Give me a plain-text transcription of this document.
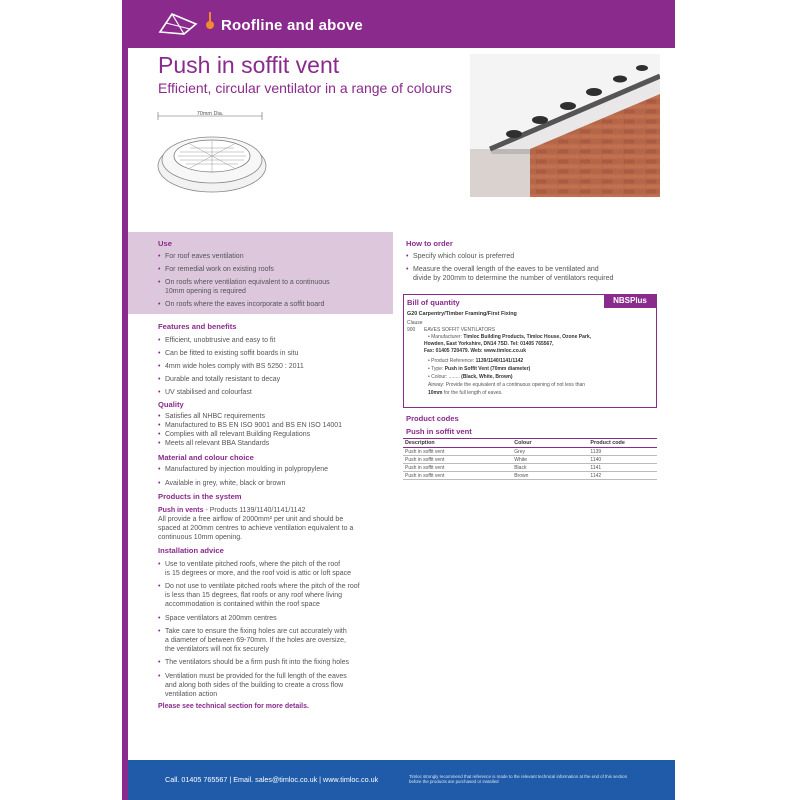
Roofline and above
Push in soffit vent
Efficient, circular ventilator in a range of colours
70mm Dia.
Use
• For roof eaves ventilation
• For remedial work on existing roofs
• On roofs where ventilation equivalent to a continuous
10mm opening is required
• On roofs where the eaves incorporate a soffit board
Features and benefits
• Efficient, unobtrusive and easy to fit
• Can be fitted to existing soffit boards in situ
• 4mm wide holes comply with BS 5250 : 2011
• Durable and totally resistant to decay
• UV stabilised and colourfast
Quality
• Satisfies all NHBC requirements
• Manufactured to BS EN ISO 9001 and BS EN ISO 14001
• Complies with all relevant Building Regulations
• Meets all relevant BBA Standards
Material and colour choice
• Manufactured by injection moulding in polypropylene
• Available in grey, white, black or brown
Products in the system
Push in vents - Products 1139/1140/1141/1142
All provide a free airflow of 2000mm² per unit and should be
spaced at 200mm centres to achieve ventilation equivalent to a
continuous 10mm opening.
Installation advice
• Use to ventilate pitched roofs, where the pitch of the roof
is 15 degrees or more, and the roof void is attic or loft space
• Do not use to ventilate pitched roofs where the pitch of the roof
is less than 15 degrees, flat roofs or any roof where living
accommodation is contained within the roof space
• Space ventilators at 200mm centres
• Take care to ensure the fixing holes are cut accurately with
a diameter of between 69-70mm. If the holes are oversize,
the ventilators will not fix securely
• The ventilators should be a firm push fit into the fixing holes
• Ventilation must be provided for the full length of the eaves
and along both sides of the building to create a cross flow
ventilation action
Please see technical section for more details.
How to order
• Specify which colour is preferred
• Measure the overall length of the eaves to be ventilated and
divide by 200mm to determine the number of ventilators required
NBSPlus
Bill of quantity
G20 Carpentry/Timber Framing/First Fixing
Clause
900 EAVES SOFFIT VENTILATORS
• Manufacturer: Timloc Building Products, Timloc House, Ozone Park,
Howden, East Yorkshire, DN14 7SD. Tel: 01405 765567,
Fax: 01405 720479. Web: www.timloc.co.uk
• Product Reference: 1139/1140/1141/1142
• Type: Push in Soffit Vent (70mm diameter)
• Colour: ........ (Black, White, Brown)
Airway: Provide the equivalent of a continuous opening of not less than
10mm for the full length of eaves.
Product codes
Push in soffit vent
Description	Colour	Product code
Push in soffit vent	Grey	1139
Push in soffit vent	White	1140
Push in soffit vent	Black	1141
Push in soffit vent	Brown	1142
Call. 01405 765567 | Email. sales@timloc.co.uk | www.timloc.co.uk	Timloc strongly recommend that reference is made to the relevant technical information at the end of this section before the products are purchased or installed
